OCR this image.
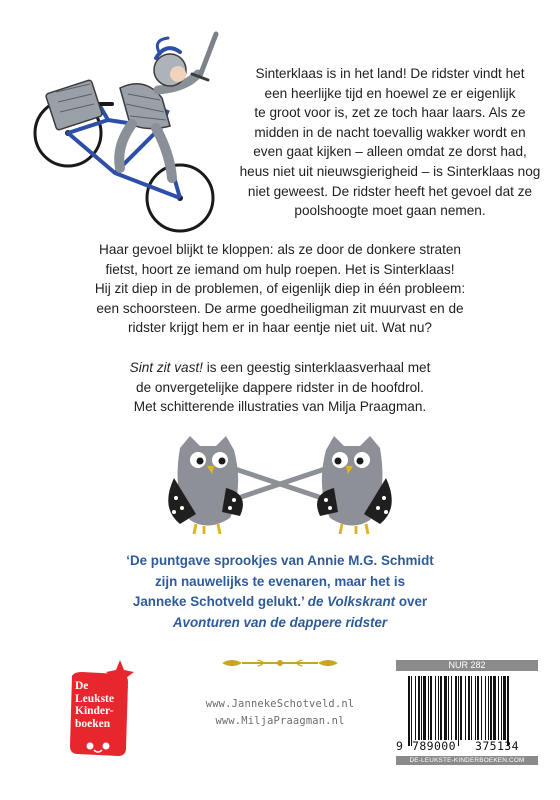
Sinterklaas is in het land! De ridster vindt het
een heerlijke tijd en hoewel ze er eigenlijk
te groot voor is, zet ze toch haar laars. Als ze
midden in de nacht toevallig wakker wordt en
even gaat kijken – alleen omdat ze dorst had,
heus niet uit nieuwsgierigheid – is Sinterklaas nog
niet geweest. De ridster heeft het gevoel dat ze
poolshoogte moet gaan nemen.
Haar gevoel blijkt te kloppen: als ze door de donkere straten
fietst, hoort ze iemand om hulp roepen. Het is Sinterklaas!
Hij zit diep in de problemen, of eigenlijk diep in één probleem:
een schoorsteen. De arme goedheiligman zit muurvast en de
ridster krijgt hem er in haar eentje niet uit. Wat nu?
Sint zit vast! is een geestig sinterklaasverhaal met
de onvergetelijke dappere ridster in de hoofdrol.
Met schitterende illustraties van Milja Praagman.
‘De puntgave sprookjes van Annie M.G. Schmidt
zijn nauwelijks te evenaren, maar het is
Janneke Schotveld gelukt.’ de Volkskrant over
Avonturen van de dappere ridster
De
Leukste
Kinder-
boeken
www.JannekeSchotveld.nl
www.MiljaPraagman.nl
NUR 282
9 789000 375134
DE-LEUKSTE-KINDERBOEKEN.COM
